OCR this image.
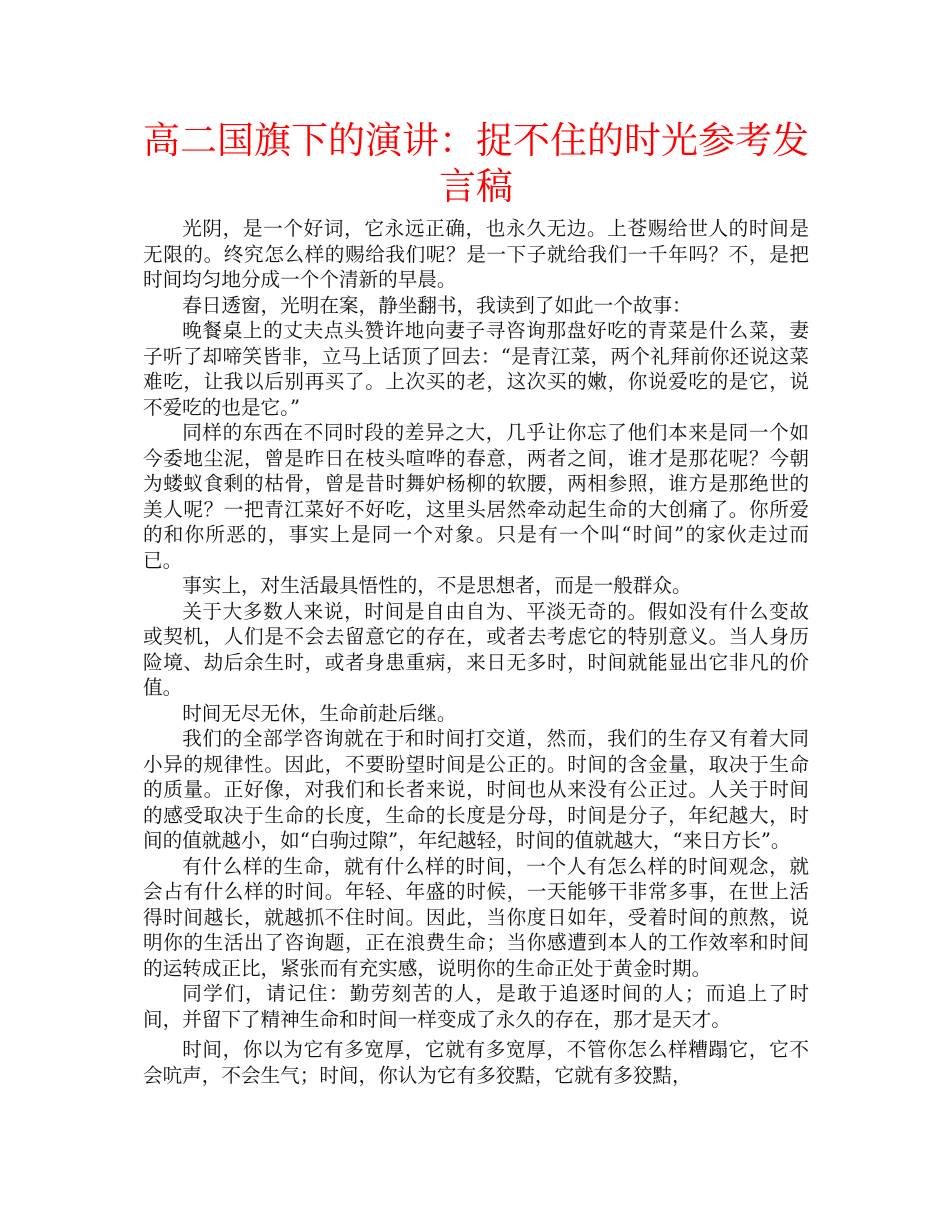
高二国旗下的演讲：捉不住的时光参考发言稿

光阴，是一个好词，它永远正确，也永久无边。上苍赐给世人的时间是无限的。终究怎么样的赐给我们呢？是一下子就给我们一千年吗？不，是把时间均匀地分成一个个清新的早晨。

春日透窗，光明在案，静坐翻书，我读到了如此一个故事：

晚餐桌上的丈夫点头赞许地向妻子寻咨询那盘好吃的青菜是什么菜，妻子听了却啼笑皆非，立马上话顶了回去：“是青江菜，两个礼拜前你还说这菜难吃，让我以后别再买了。上次买的老，这次买的嫩，你说爱吃的是它，说不爱吃的也是它。”

同样的东西在不同时段的差异之大，几乎让你忘了他们本来是同一个如今委地尘泥，曾是昨日在枝头喧哗的春意，两者之间，谁才是那花呢？今朝为蝼蚁食剩的枯骨，曾是昔时舞妒杨柳的软腰，两相参照，谁方是那绝世的美人呢？一把青江菜好不好吃，这里头居然牵动起生命的大创痛了。你所爱的和你所恶的，事实上是同一个对象。只是有一个叫“时间”的家伙走过而已。

事实上，对生活最具悟性的，不是思想者，而是一般群众。

关于大多数人来说，时间是自由自为、平淡无奇的。假如没有什么变故或契机，人们是不会去留意它的存在，或者去考虑它的特别意义。当人身历险境、劫后余生时，或者身患重病，来日无多时，时间就能显出它非凡的价值。

时间无尽无休，生命前赴后继。

我们的全部学咨询就在于和时间打交道，然而，我们的生存又有着大同小异的规律性。因此，不要盼望时间是公正的。时间的含金量，取决于生命的质量。正好像，对我们和长者来说，时间也从来没有公正过。人关于时间的感受取决于生命的长度，生命的长度是分母，时间是分子，年纪越大，时间的值就越小，如“白驹过隙”，年纪越轻，时间的值就越大，“来日方长”。

有什么样的生命，就有什么样的时间，一个人有怎么样的时间观念，就会占有什么样的时间。年轻、年盛的时候，一天能够干非常多事，在世上活得时间越长，就越抓不住时间。因此，当你度日如年，受着时间的煎熬，说明你的生活出了咨询题，正在浪费生命；当你感遭到本人的工作效率和时间的运转成正比，紧张而有充实感，说明你的生命正处于黄金时期。

同学们，请记住：勤劳刻苦的人，是敢于追逐时间的人；而追上了时间，并留下了精神生命和时间一样变成了永久的存在，那才是天才。

时间，你以为它有多宽厚，它就有多宽厚，不管你怎么样糟蹋它，它不会吭声，不会生气；时间，你认为它有多狡黠，它就有多狡黠，
